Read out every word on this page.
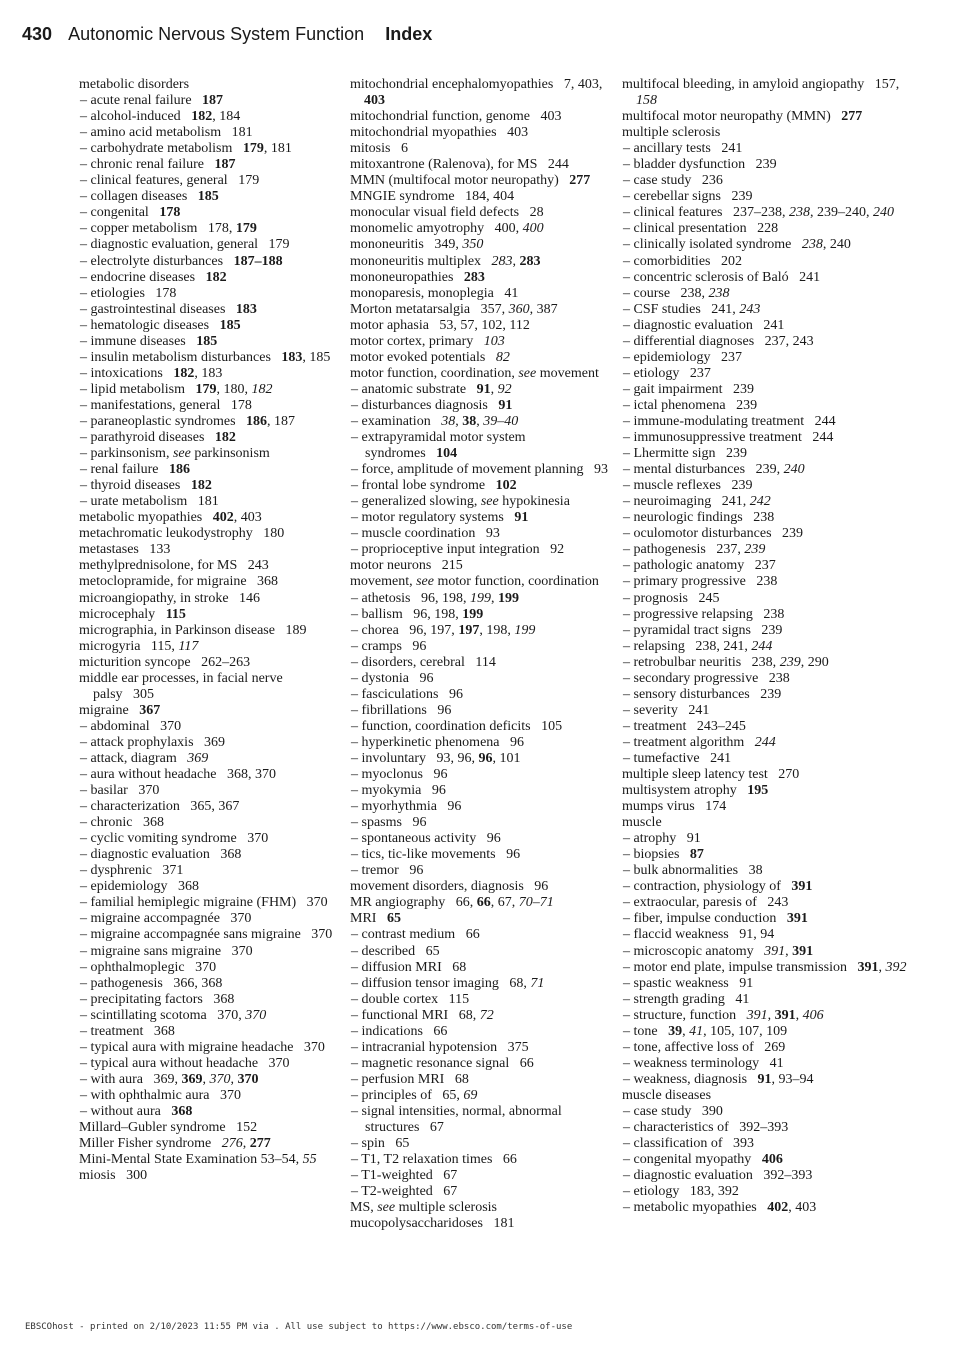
430 Autonomic Nervous System Function Index
metabolic disorders
– acute renal failure   187
– alcohol-induced   182, 184
– amino acid metabolism   181
– carbohydrate metabolism   179, 181
– chronic renal failure   187
– clinical features, general   179
– collagen diseases   185
– congenital   178
– copper metabolism   178, 179
– diagnostic evaluation, general   179
– electrolyte disturbances   187–188
– endocrine diseases   182
– etiologies   178
– gastrointestinal diseases   183
– hematologic diseases   185
– immune diseases   185
– insulin metabolism disturbances   183, 185
– intoxications   182, 183
– lipid metabolism   179, 180, 182
– manifestations, general   178
– paraneoplastic syndromes   186, 187
– parathyroid diseases   182
– parkinsonism, see parkinsonism
– renal failure   186
– thyroid diseases   182
– urate metabolism   181
metabolic myopathies   402, 403
metachromatic leukodystrophy   180
metastases   133
methylprednisolone, for MS   243
metoclopramide, for migraine   368
microangiopathy, in stroke   146
microcephaly   115
micrographia, in Parkinson disease   189
microgyria   115, 117
micturition syncope   262–263
middle ear processes, in facial nerve palsy   305
migraine   367
– abdominal   370
– attack prophylaxis   369
– attack, diagram   369
– aura without headache   368, 370
– basilar   370
– characterization   365, 367
– chronic   368
– cyclic vomiting syndrome   370
– diagnostic evaluation   368
– dysphrenic   371
– epidemiology   368
– familial hemiplegic migraine (FHM)   370
– migraine accompagnée   370
– migraine accompagnée sans migraine   370
– migraine sans migraine   370
– ophthalmoplegic   370
– pathogenesis   366, 368
– precipitating factors   368
– scintillating scotoma   370, 370
– treatment   368
– typical aura with migraine headache   370
– typical aura without headache   370
– with aura   369, 369, 370, 370
– with ophthalmic aura   370
– without aura   368
Millard–Gubler syndrome   152
Miller Fisher syndrome   276, 277
Mini-Mental State Examination 53–54, 55
miosis   300
mitochondrial encephalomyopathies   7, 403, 403
mitochondrial function, genome   403
mitochondrial myopathies   403
mitosis   6
mitoxantrone (Ralenova), for MS   244
MMN (multifocal motor neuropathy)   277
MNGIE syndrome   184, 404
monocular visual field defects   28
monomelic amyotrophy   400, 400
mononeuritis   349, 350
mononeuritis multiplex   283, 283
mononeuropathies   283
monoparesis, monoplegia   41
Morton metatarsalgia   357, 360, 387
motor aphasia   53, 57, 102, 112
motor cortex, primary   103
motor evoked potentials   82
motor function, coordination, see movement
– anatomic substrate   91, 92
– disturbances diagnosis   91
– examination   38, 38, 39–40
– extrapyramidal motor system syndromes   104
– force, amplitude of movement planning   93
– frontal lobe syndrome   102
– generalized slowing, see hypokinesia
– motor regulatory systems   91
– muscle coordination   93
– proprioceptive input integration   92
motor neurons   215
movement, see motor function, coordination
– athetosis   96, 198, 199, 199
– ballism   96, 198, 199
– chorea   96, 197, 197, 198, 199
– cramps   96
– disorders, cerebral   114
– dystonia   96
– fasciculations   96
– fibrillations   96
– function, coordination deficits   105
– hyperkinetic phenomena   96
– involuntary   93, 96, 96, 101
– myoclonus   96
– myokymia   96
– myorhythmia   96
– spasms   96
– spontaneous activity   96
– tics, tic-like movements   96
– tremor   96
movement disorders, diagnosis   96
MR angiography   66, 66, 67, 70–71
MRI   65
– contrast medium   66
– described   65
– diffusion MRI   68
– diffusion tensor imaging   68, 71
– double cortex   115
– functional MRI   68, 72
– indications   66
– intracranial hypotension   375
– magnetic resonance signal   66
– perfusion MRI   68
– principles of   65, 69
– signal intensities, normal, abnormal structures   67
– spin   65
– T1, T2 relaxation times   66
– T1-weighted   67
– T2-weighted   67
MS, see multiple sclerosis
mucopolysaccharidoses   181
multifocal bleeding, in amyloid angiopathy   157, 158
multifocal motor neuropathy (MMN)   277
multiple sclerosis
– ancillary tests   241
– bladder dysfunction   239
– case study   236
– cerebellar signs   239
– clinical features   237–238, 238, 239–240, 240
– clinical presentation   228
– clinically isolated syndrome   238, 240
– comorbidities   202
– concentric sclerosis of Baló   241
– course   238, 238
– CSF studies   241, 243
– diagnostic evaluation   241
– differential diagnoses   237, 243
– epidemiology   237
– etiology   237
– gait impairment   239
– ictal phenomena   239
– immune-modulating treatment   244
– immunosuppressive treatment   244
– Lhermitte sign   239
– mental disturbances   239, 240
– muscle reflexes   239
– neuroimaging   241, 242
– neurologic findings   238
– oculomotor disturbances   239
– pathogenesis   237, 239
– pathologic anatomy   237
– primary progressive   238
– prognosis   245
– progressive relapsing   238
– pyramidal tract signs   239
– relapsing   238, 241, 244
– retrobulbar neuritis   238, 239, 290
– secondary progressive   238
– sensory disturbances   239
– severity   241
– treatment   243–245
– treatment algorithm   244
– tumefactive   241
multiple sleep latency test   270
multisystem atrophy   195
mumps virus   174
muscle
– atrophy   91
– biopsies   87
– bulk abnormalities   38
– contraction, physiology of   391
– extraocular, paresis of   243
– fiber, impulse conduction   391
– flaccid weakness   91, 94
– microscopic anatomy   391, 391
– motor end plate, impulse transmission   391, 392
– spastic weakness   91
– strength grading   41
– structure, function   391, 391, 406
– tone   39, 41, 105, 107, 109
– tone, affective loss of   269
– weakness terminology   41
– weakness, diagnosis   91, 93–94
muscle diseases
– case study   390
– characteristics of   392–393
– classification of   393
– congenital myopathy   406
– diagnostic evaluation   392–393
– etiology   183, 392
– metabolic myopathies   402, 403
EBSCOhost - printed on 2/10/2023 11:55 PM via . All use subject to https://www.ebsco.com/terms-of-use
